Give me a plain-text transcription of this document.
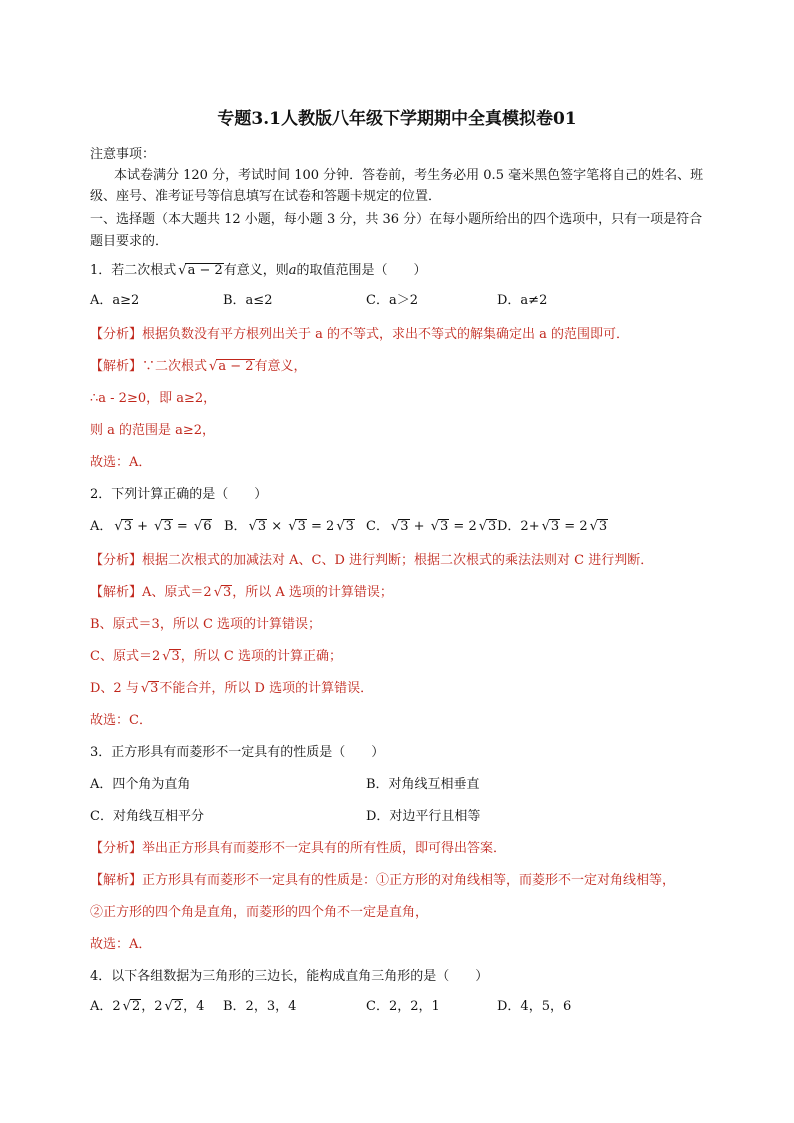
专题3.1人教版八年级下学期期中全真模拟卷01
注意事项：
本试卷满分 120 分，考试时间 100 分钟．答卷前，考生务必用 0.5 毫米黑色签字笔将自己的姓名、班
级、座号、准考证号等信息填写在试卷和答题卡规定的位置．
一、选择题（本大题共 12 小题，每小题 3 分，共 36 分）在每小题所给出的四个选项中，只有一项是符合
题目要求的．
1．若二次根式 √ a − 2有意义，则a的取值范围是（　　）
A．a≥2	B．a≤2	C．a＞2	D．a≠2
【分析】根据负数没有平方根列出关于 a 的不等式，求出不等式的解集确定出 a 的范围即可．
【解析】∵二次根式 √ a − 2有意义，
∴a - 2≥0，即 a≥2，
则 a 的范围是 a≥2，
故选：A．
2．下列计算正确的是（　　）
A． √ 3 + √ 3 = √ 6 B． √ 3 × √ 3 = 2 √ 3 C． √ 3 + √ 3 = 2 √ 3 D．2+ √ 3 = 2 √ 3
【分析】根据二次根式的加减法对 A、C、D 进行判断；根据二次根式的乘法法则对 C 进行判断．
【解析】A、原式＝2 √ 3，所以 A 选项的计算错误；
B、原式＝3，所以 C 选项的计算错误；
C、原式＝2 √ 3，所以 C 选项的计算正确；
D、2 与 √ 3不能合并，所以 D 选项的计算错误．
故选：C．
3．正方形具有而菱形不一定具有的性质是（　　）
A．四个角为直角	B．对角线互相垂直
C．对角线互相平分	D．对边平行且相等
【分析】举出正方形具有而菱形不一定具有的所有性质，即可得出答案．
【解析】正方形具有而菱形不一定具有的性质是：①正方形的对角线相等，而菱形不一定对角线相等，
②正方形的四个角是直角，而菱形的四个角不一定是直角，
故选：A．
4．以下各组数据为三角形的三边长，能构成直角三角形的是（　　）
A．2 √ 2，2 √ 2，4 B．2，3，4	C．2，2，1	D．4，5，6
